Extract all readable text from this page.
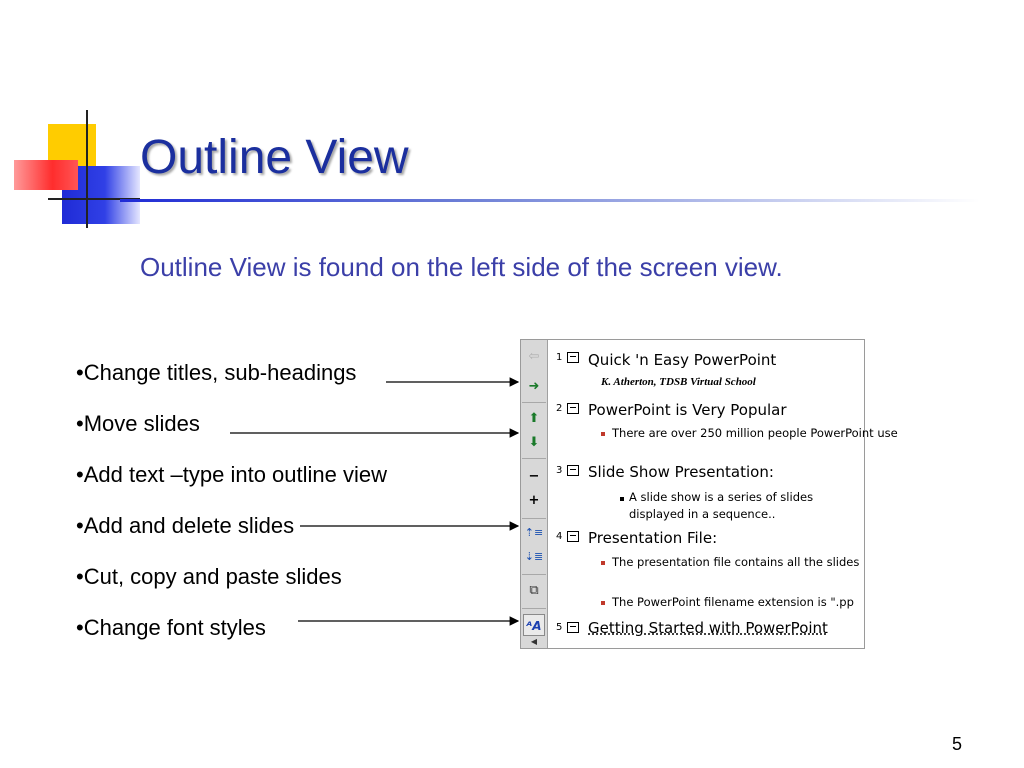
Outline View
Outline View is found on the left side of the screen view.
•Change titles, sub-headings
•Move slides
•Add text –type into outline view
•Add and delete slides
•Cut, copy and paste slides
•Change font styles
⇦
➜
⬆
⬇
−
+
⇡≡
⇣≣
⧉
ᴬA
◀
1 Quick 'n Easy PowerPoint
K. Atherton, TDSB Virtual School
2 PowerPoint is Very Popular
There are over 250 million people PowerPoint use
3 Slide Show Presentation:
A slide show is a series of slides
displayed in a sequence..
4 Presentation File:
The presentation file contains all the slides
The PowerPoint filename extension is ".pp
5 Getting Started with PowerPoint
5
